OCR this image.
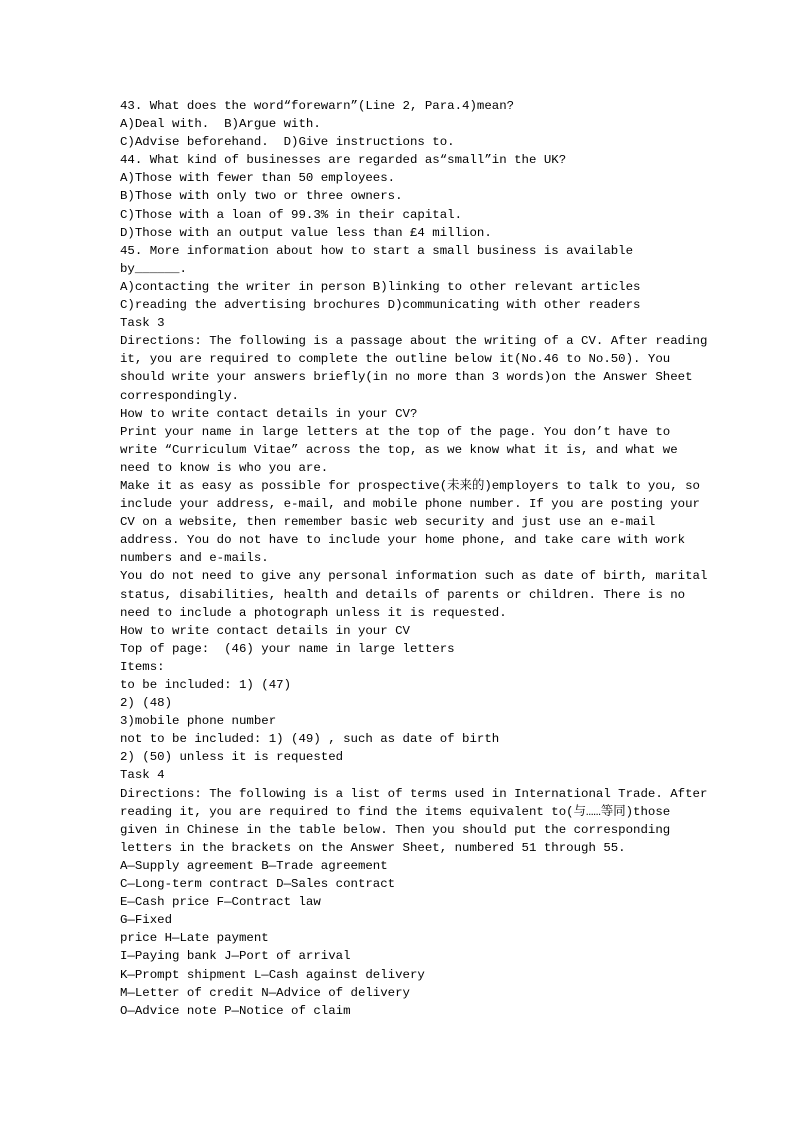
43. What does the word“forewarn”(Line 2, Para.4)mean?
A)Deal with.  B)Argue with.
C)Advise beforehand.  D)Give instructions to.
44. What kind of businesses are regarded as“small”in the UK?
A)Those with fewer than 50 employees.
B)Those with only two or three owners.
C)Those with a loan of 99.3% in their capital.
D)Those with an output value less than £4 million.
45. More information about how to start a small business is available
by______.
A)contacting the writer in person B)linking to other relevant articles
C)reading the advertising brochures D)communicating with other readers
Task 3
Directions: The following is a passage about the writing of a CV. After reading
it, you are required to complete the outline below it(No.46 to No.50). You
should write your answers briefly(in no more than 3 words)on the Answer Sheet
correspondingly.
How to write contact details in your CV?
Print your name in large letters at the top of the page. You don’t have to
write “Curriculum Vitae” across the top, as we know what it is, and what we
need to know is who you are.
Make it as easy as possible for prospective(未来的)employers to talk to you, so
include your address, e-mail, and mobile phone number. If you are posting your
CV on a website, then remember basic web security and just use an e-mail
address. You do not have to include your home phone, and take care with work
numbers and e-mails.
You do not need to give any personal information such as date of birth, marital
status, disabilities, health and details of parents or children. There is no
need to include a photograph unless it is requested.
How to write contact details in your CV
Top of page:  (46) your name in large letters
Items:
to be included: 1) (47)
2) (48)
3)mobile phone number
not to be included: 1) (49) , such as date of birth
2) (50) unless it is requested
Task 4
Directions: The following is a list of terms used in International Trade. After
reading it, you are required to find the items equivalent to(与……等同)those
given in Chinese in the table below. Then you should put the corresponding
letters in the brackets on the Answer Sheet, numbered 51 through 55.
A—Supply agreement B—Trade agreement
C—Long-term contract D—Sales contract
E—Cash price F—Contract law
G—Fixed
price H—Late payment
I—Paying bank J—Port of arrival
K—Prompt shipment L—Cash against delivery
M—Letter of credit N—Advice of delivery
O—Advice note P—Notice of claim
